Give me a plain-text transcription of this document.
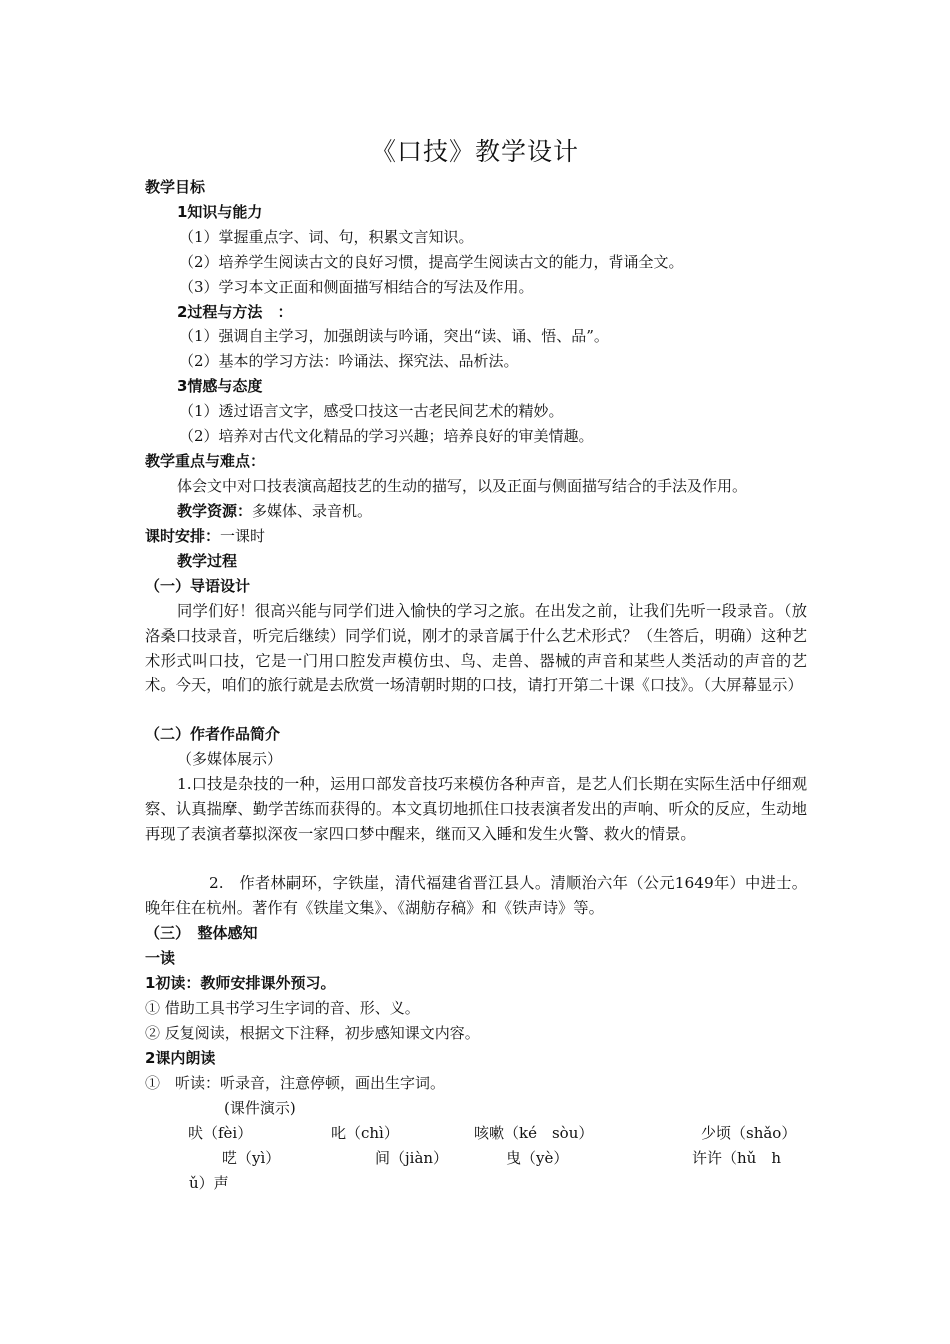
《口技》教学设计
教学目标
1知识与能力
（1）掌握重点字、词、句，积累文言知识。
（2）培养学生阅读古文的良好习惯，提高学生阅读古文的能力，背诵全文。
（3）学习本文正面和侧面描写相结合的写法及作用。
2过程与方法　：
（1）强调自主学习，加强朗读与吟诵，突出“读、诵、悟、品”。
（2）基本的学习方法：吟诵法、探究法、品析法。
3情感与态度
（1）透过语言文字，感受口技这一古老民间艺术的精妙。
（2）培养对古代文化精品的学习兴趣；培养良好的审美情趣。
教学重点与难点：
体会文中对口技表演高超技艺的生动的描写，以及正面与侧面描写结合的手法及作用。
教学资源：多媒体、录音机。
课时安排：一课时
教学过程
（一）导语设计
同学们好！很高兴能与同学们进入愉快的学习之旅。在出发之前，让我们先听一段录音。（放洛桑口技录音，听完后继续）同学们说，刚才的录音属于什么艺术形式？（生答后，明确）这种艺术形式叫口技，它是一门用口腔发声模仿虫、鸟、走兽、器械的声音和某些人类活动的声音的艺术。今天，咱们的旅行就是去欣赏一场清朝时期的口技，请打开第二十课《口技》。（大屏幕显示）
（二）作者作品简介
（多媒体展示）
1.口技是杂技的一种，运用口部发音技巧来模仿各种声音，是艺人们长期在实际生活中仔细观察、认真揣摩、勤学苦练而获得的。本文真切地抓住口技表演者发出的声响、听众的反应，生动地再现了表演者摹拟深夜一家四口梦中醒来，继而又入睡和发生火警、救火的情景。
2.　作者林嗣环，字铁崖，清代福建省晋江县人。清顺治六年（公元1649年）中进士。晚年住在杭州。著作有《铁崖文集》、《湖舫存稿》和《铁声诗》等。
（三）　整体感知
一读
1初读：教师安排课外预习。
① 借助工具书学习生字词的音、形、义。
② 反复阅读，根据文下注释，初步感知课文内容。
2课内朗读
①　听读：听录音，注意停顿，画出生字词。
(课件演示)
吠（fèi）	叱（chì）	咳嗽（ké　sòu）	少顷（shǎo）
呓（yì）	间（jiàn）	曳（yè）	许许（hǔ　h
ǔ）声
